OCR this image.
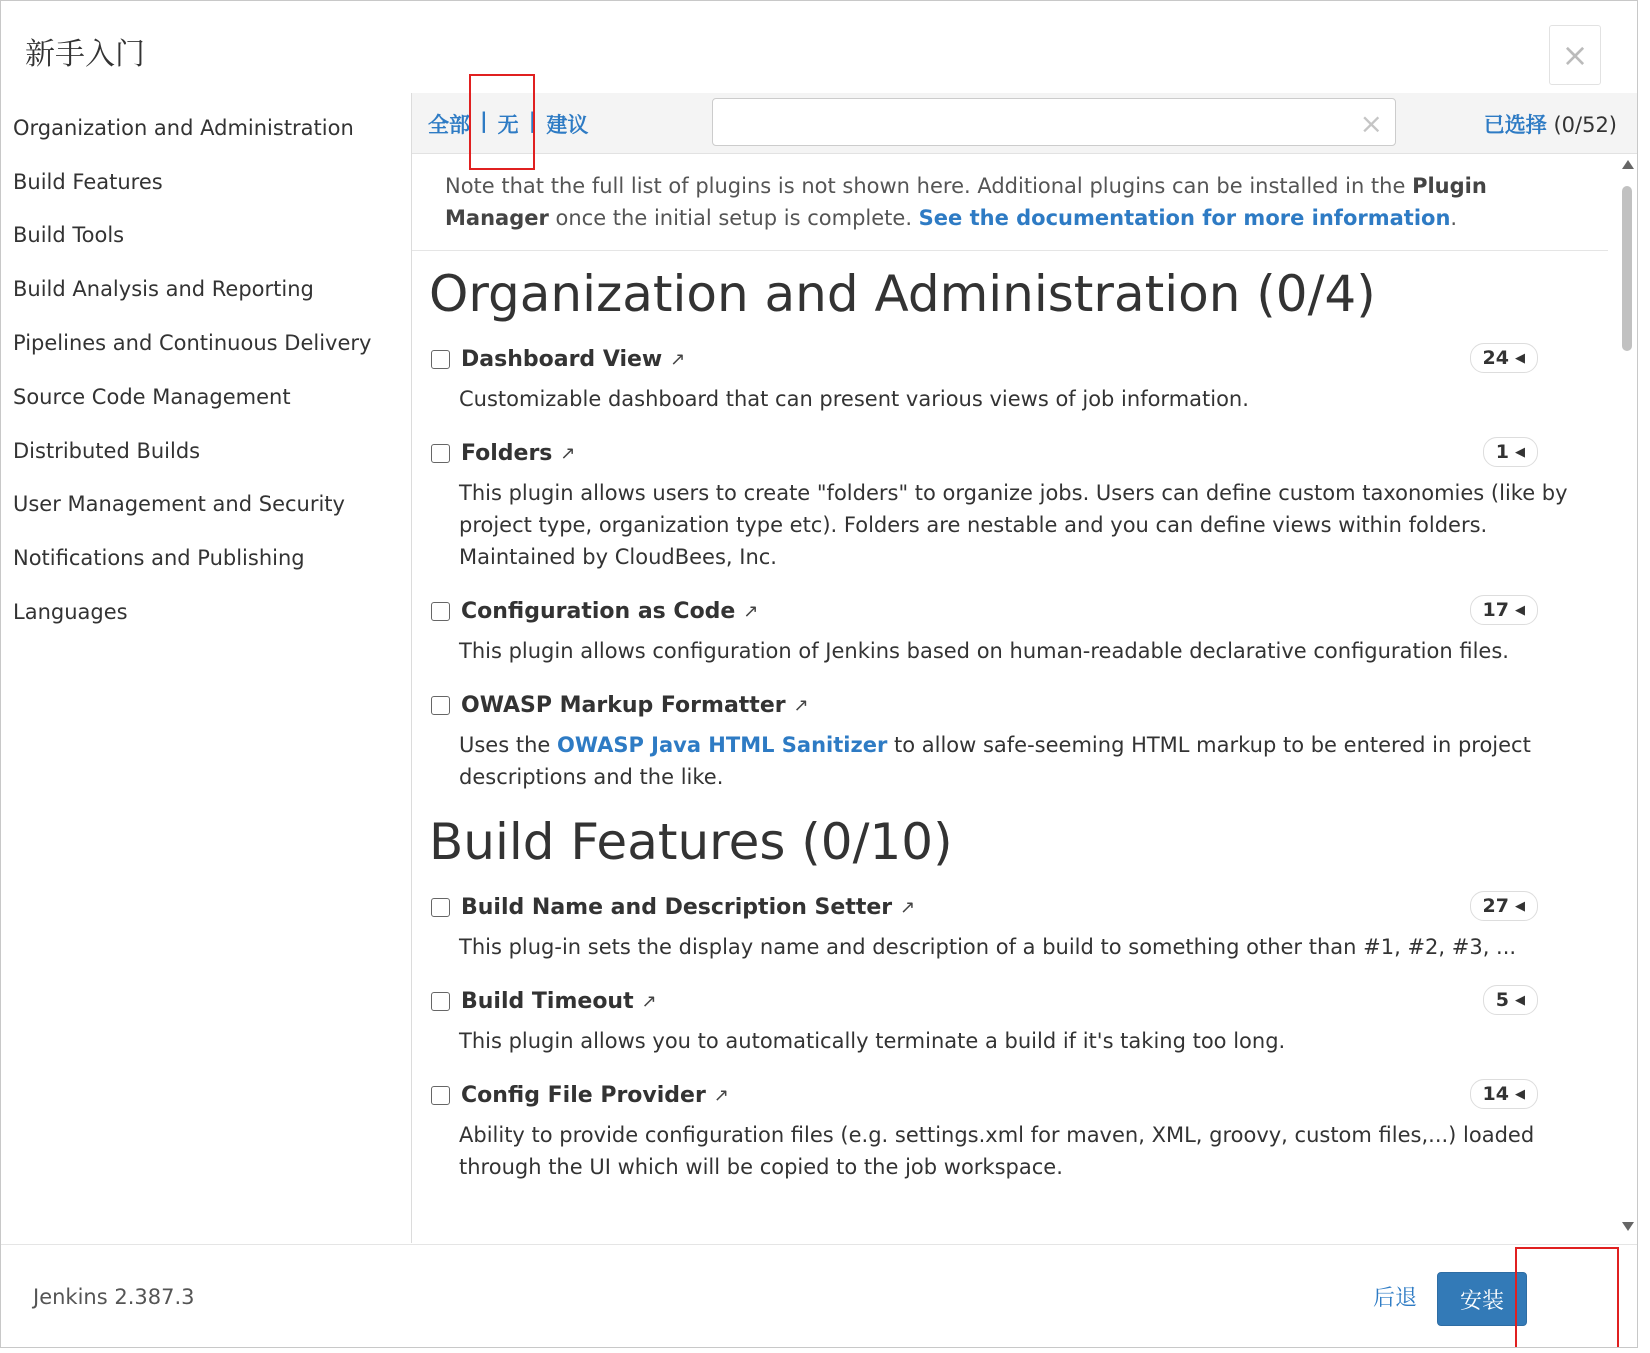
新手入门	×
Organization and Administration
Build Features
Build Tools
Build Analysis and Reporting
Pipelines and Continuous Delivery
Source Code Management
Distributed Builds
User Management and Security
Notifications and Publishing
Languages
全部 | 无 | 建议	×	已选择 (0/52)
Note that the full list of plugins is not shown here. Additional plugins can be installed in the Plugin Manager once the initial setup is complete. See the documentation for more information.
Organization and Administration (0/4)
Dashboard View ↗	24 ◀
Customizable dashboard that can present various views of job information.
Folders ↗	1 ◀
This plugin allows users to create "folders" to organize jobs. Users can define custom taxonomies (like by project type, organization type etc). Folders are nestable and you can define views within folders. Maintained by CloudBees, Inc.
Configuration as Code ↗	17 ◀
This plugin allows configuration of Jenkins based on human-readable declarative configuration files.
OWASP Markup Formatter ↗
Uses the OWASP Java HTML Sanitizer to allow safe-seeming HTML markup to be entered in project descriptions and the like.
Build Features (0/10)
Build Name and Description Setter ↗	27 ◀
This plug-in sets the display name and description of a build to something other than #1, #2, #3, ...
Build Timeout ↗	5 ◀
This plugin allows you to automatically terminate a build if it's taking too long.
Config File Provider ↗	14 ◀
Ability to provide configuration files (e.g. settings.xml for maven, XML, groovy, custom files,...) loaded through the UI which will be copied to the job workspace.
Jenkins 2.387.3	后退	安装
